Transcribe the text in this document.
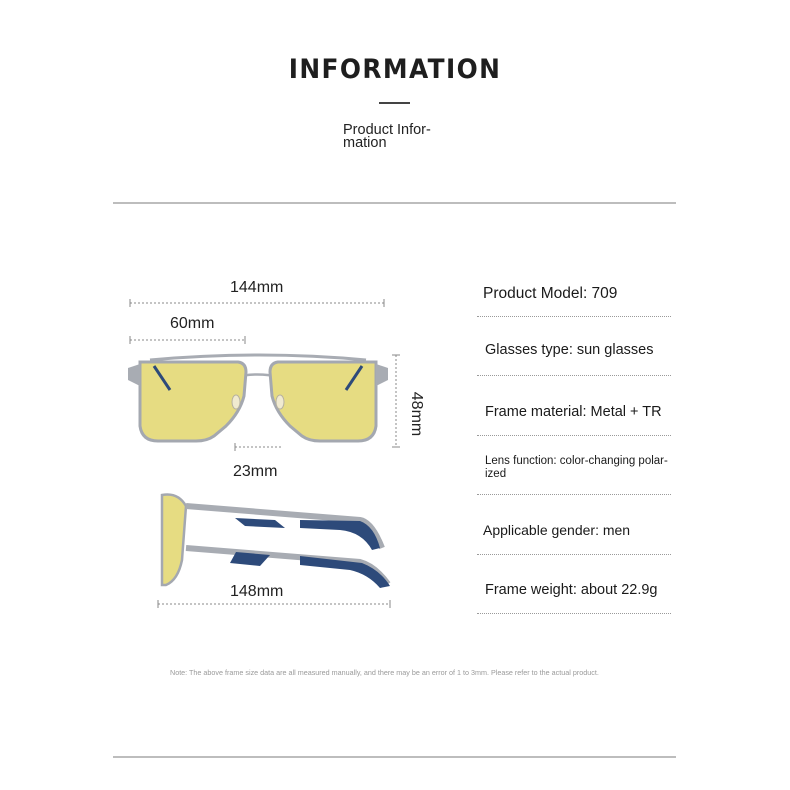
INFORMATION
Product Infor-
mation
144mm
60mm
23mm
148mm
48mm
Product Model: 709
Glasses type: sun glasses
Frame material: Metal + TR
Lens function: color-changing polar-
ized
Applicable gender: men
Frame weight: about 22.9g
Note: The above frame size data are all measured manually, and there may be an error of 1 to 3mm. Please refer to the actual product.
